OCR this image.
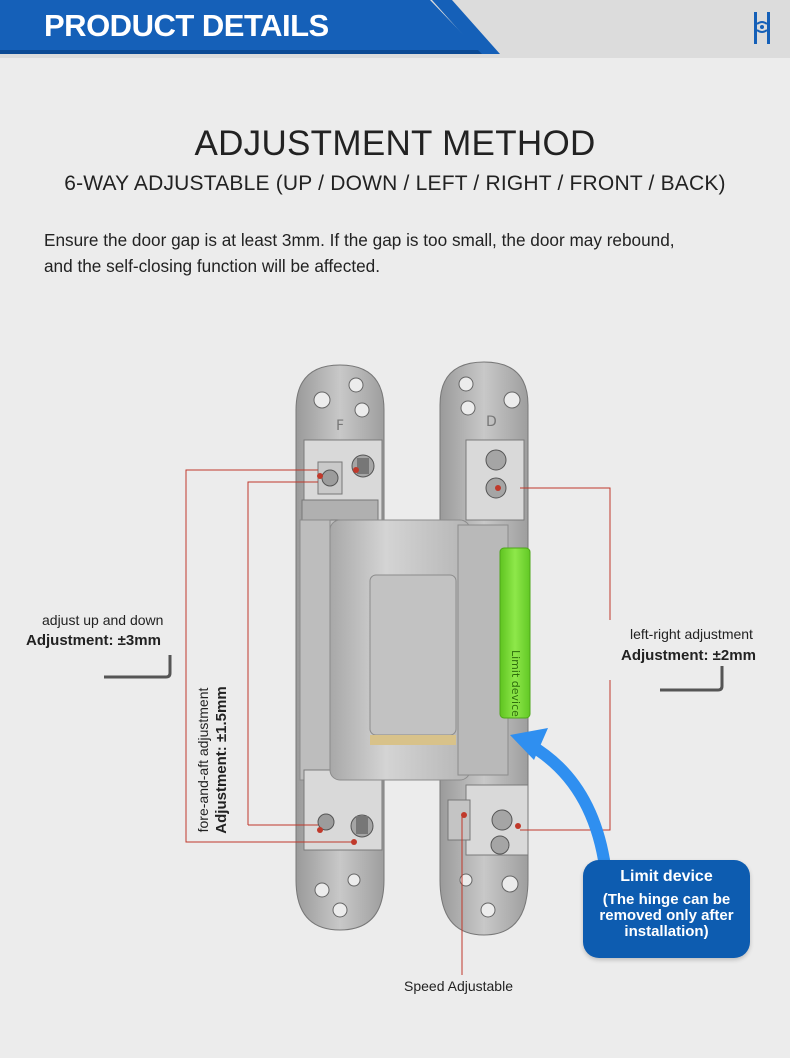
PRODUCT DETAILS
ADJUSTMENT METHOD
6-WAY ADJUSTABLE (UP / DOWN / LEFT / RIGHT / FRONT / BACK)
Ensure the door gap is at least 3mm. If the gap is too small, the door may rebound,
and the self-closing function will be affected.
F	D
Limit device
adjust up and down
Adjustment: ±3mm
fore-and-aft adjustment Adjustment: ±1.5mm
left-right adjustment
Adjustment: ±2mm
Speed Adjustable
Limit device
(The hinge can be
removed only after
installation)
